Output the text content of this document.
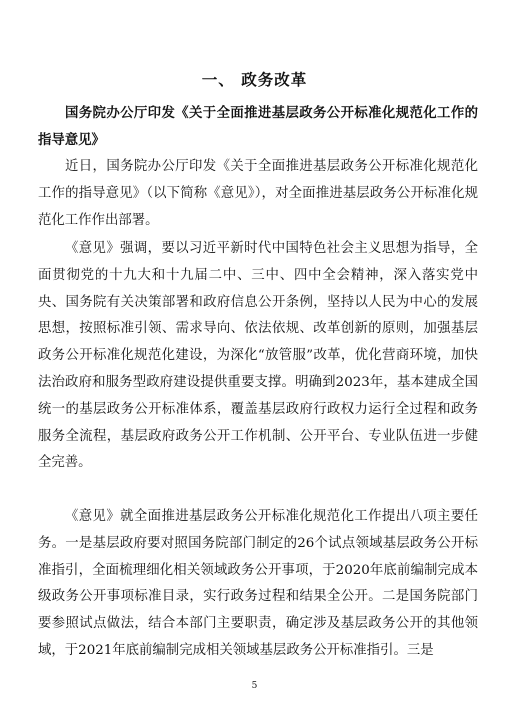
一、 政务改革
国务院办公厅印发《关于全面推进基层政务公开标准化规范化工作的指导意见》

近日，国务院办公厅印发《关于全面推进基层政务公开标准化规范化工作的指导意见》（以下简称《意见》），对全面推进基层政务公开标准化规范化工作作出部署。

《意见》强调，要以习近平新时代中国特色社会主义思想为指导，全面贯彻党的十九大和十九届二中、三中、四中全会精神，深入落实党中央、国务院有关决策部署和政府信息公开条例，坚持以人民为中心的发展思想，按照标准引领、需求导向、依法依规、改革创新的原则，加强基层政务公开标准化规范化建设，为深化“放管服”改革，优化营商环境，加快法治政府和服务型政府建设提供重要支撑。明确到2023年，基本建成全国统一的基层政务公开标准体系，覆盖基层政府行政权力运行全过程和政务服务全流程，基层政府政务公开工作机制、公开平台、专业队伍进一步健全完善。

《意见》就全面推进基层政务公开标准化规范化工作提出八项主要任务。一是基层政府要对照国务院部门制定的26个试点领域基层政务公开标准指引，全面梳理细化相关领域政务公开事项，于2020年底前编制完成本级政务公开事项标准目录，实行政务过程和结果全公开。二是国务院部门要参照试点做法，结合本部门主要职责，确定涉及基层政务公开的其他领域，于2021年底前编制完成相关领域基层政务公开标准指引。三是

5
